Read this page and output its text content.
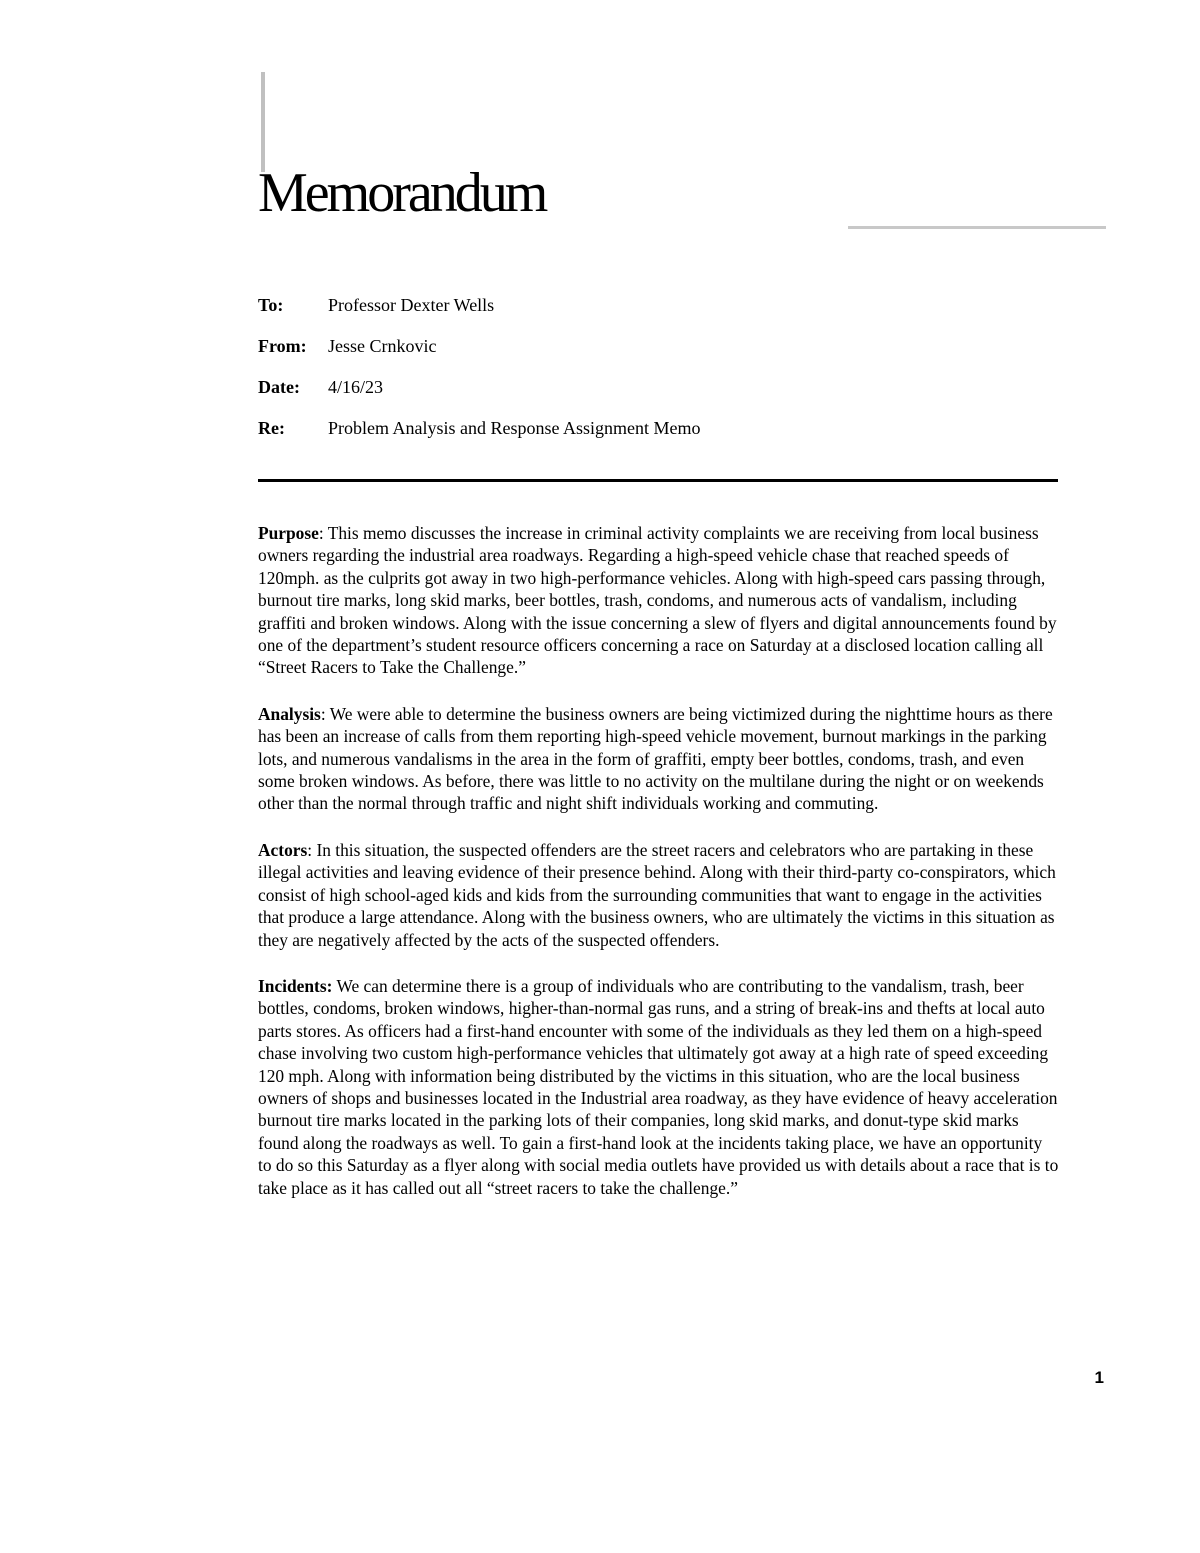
Memorandum
To:	Professor Dexter Wells
From:	Jesse Crnkovic
Date:	4/16/23
Re:	Problem Analysis and Response Assignment Memo

Purpose: This memo discusses the increase in criminal activity complaints we are receiving from local business owners regarding the industrial area roadways. Regarding a high-speed vehicle chase that reached speeds of 120mph. as the culprits got away in two high-performance vehicles. Along with high-speed cars passing through, burnout tire marks, long skid marks, beer bottles, trash, condoms, and numerous acts of vandalism, including graffiti and broken windows. Along with the issue concerning a slew of flyers and digital announcements found by one of the department’s student resource officers concerning a race on Saturday at a disclosed location calling all “Street Racers to Take the Challenge.”

Analysis: We were able to determine the business owners are being victimized during the nighttime hours as there has been an increase of calls from them reporting high-speed vehicle movement, burnout markings in the parking lots, and numerous vandalisms in the area in the form of graffiti, empty beer bottles, condoms, trash, and even some broken windows. As before, there was little to no activity on the multilane during the night or on weekends other than the normal through traffic and night shift individuals working and commuting.

Actors: In this situation, the suspected offenders are the street racers and celebrators who are partaking in these illegal activities and leaving evidence of their presence behind. Along with their third-party co-conspirators, which consist of high school-aged kids and kids from the surrounding communities that want to engage in the activities that produce a large attendance. Along with the business owners, who are ultimately the victims in this situation as they are negatively affected by the acts of the suspected offenders.

Incidents: We can determine there is a group of individuals who are contributing to the vandalism, trash, beer bottles, condoms, broken windows, higher-than-normal gas runs, and a string of break-ins and thefts at local auto parts stores. As officers had a first-hand encounter with some of the individuals as they led them on a high-speed chase involving two custom high-performance vehicles that ultimately got away at a high rate of speed exceeding 120 mph. Along with information being distributed by the victims in this situation, who are the local business owners of shops and businesses located in the Industrial area roadway, as they have evidence of heavy acceleration burnout tire marks located in the parking lots of their companies, long skid marks, and donut-type skid marks found along the roadways as well. To gain a first-hand look at the incidents taking place, we have an opportunity to do so this Saturday as a flyer along with social media outlets have provided us with details about a race that is to take place as it has called out all “street racers to take the challenge.”

1
